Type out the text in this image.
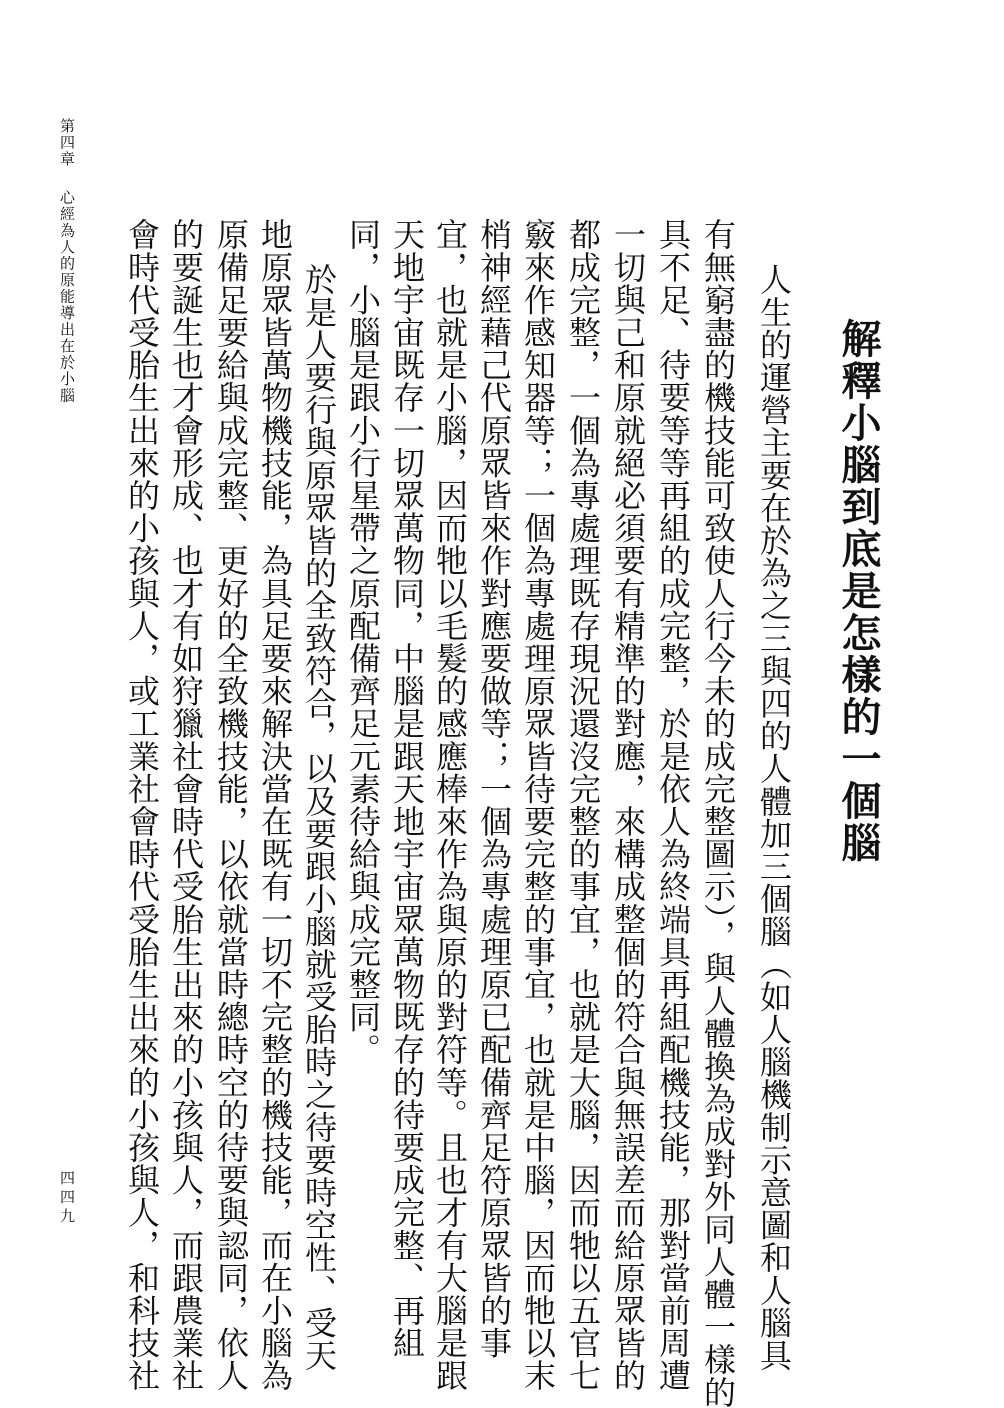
解釋小腦到底是怎樣的一個腦
人生的運營主要在於為之三與四的人體加三個腦（如人腦機制示意圖和人腦具
有無窮盡的機技能可致使人行今未的成完整圖示），與人體換為成對外同人體一樣的
具不足、待要等等再組的成完整，於是依人為終端具再組配機技能，那對當前周遭
一切與己和原就絕必須要有精準的對應，來構成整個的符合與無誤差而給原眾皆的
都成完整，一個為專處理既存現況還沒完整的事宜，也就是大腦，因而牠以五官七
竅來作感知器等；一個為專處理原眾皆待要完整的事宜，也就是中腦，因而牠以末
梢神經藉己代原眾皆來作對應要做等；一個為專處理原已配備齊足符原眾皆的事
宜，也就是小腦，因而牠以毛髮的感應棒來作為與原的對符等。且也才有大腦是跟
天地宇宙既存一切眾萬物同，中腦是跟天地宇宙眾萬物既存的待要成完整、再組
同，小腦是跟小行星帶之原配備齊足元素待給與成完整同。
於是人要行與原眾皆的全致符合，以及要跟小腦就受胎時之待要時空性、受天
地原眾皆萬物機技能，為具足要來解決當在既有一切不完整的機技能，而在小腦為
原備足要給與成完整、更好的全致機技能，以依就當時總時空的待要與認同，依人
的要誕生也才會形成、也才有如狩獵社會時代受胎生出來的小孩與人，而跟農業社
會時代受胎生出來的小孩與人，或工業社會時代受胎生出來的小孩與人，和科技社
第四章心經為人的原能導出在於小腦
四四九
